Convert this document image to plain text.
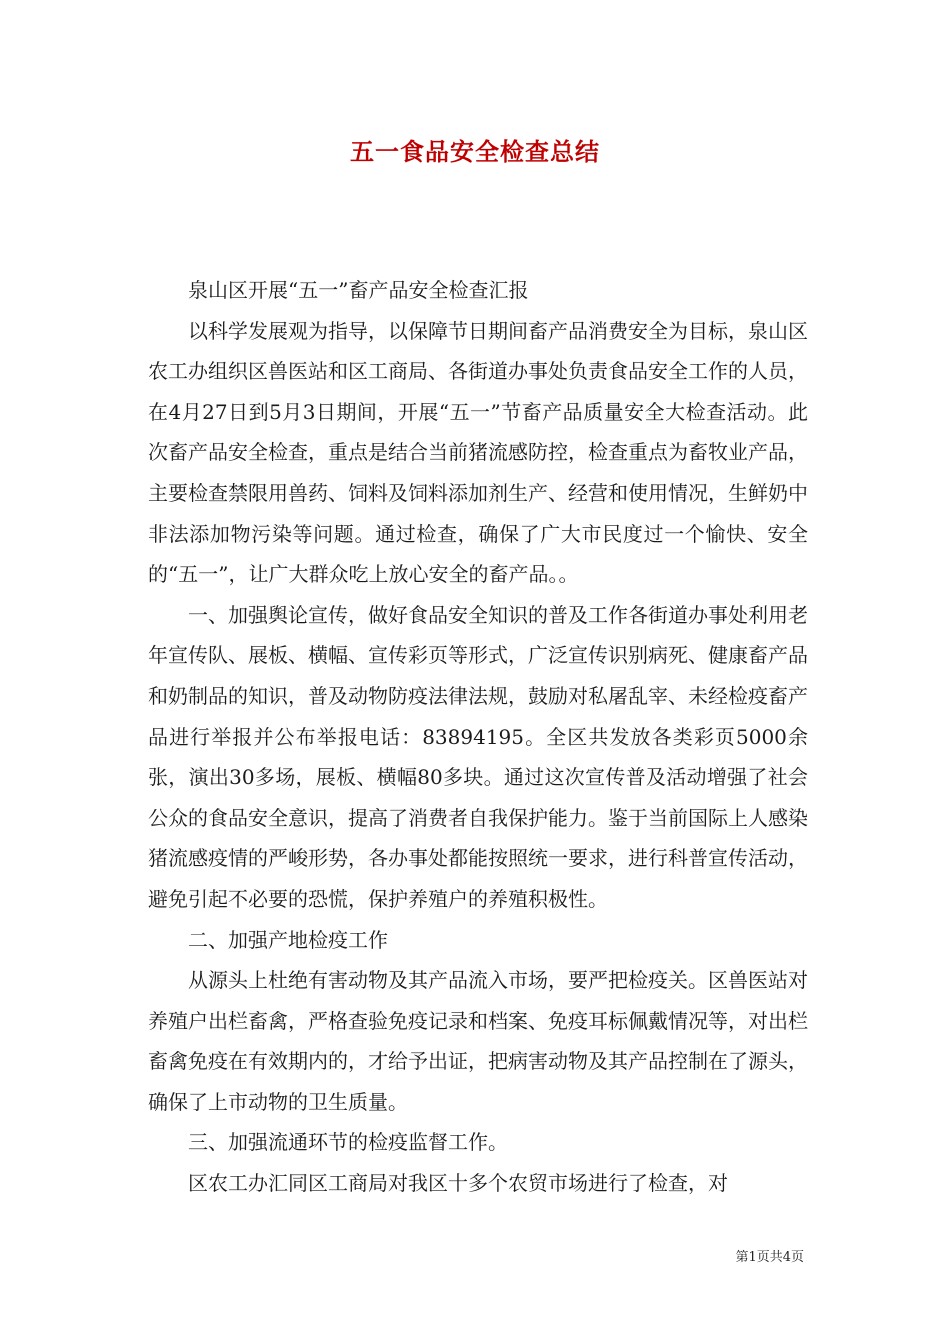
五一食品安全检查总结

泉山区开展“五一”畜产品安全检查汇报

以科学发展观为指导，以保障节日期间畜产品消费安全为目标，泉山区农工办组织区兽医站和区工商局、各街道办事处负责食品安全工作的人员，在4月27日到5月3日期间，开展“五一”节畜产品质量安全大检查活动。此次畜产品安全检查，重点是结合当前猪流感防控，检查重点为畜牧业产品，主要检查禁限用兽药、饲料及饲料添加剂生产、经营和使用情况，生鲜奶中非法添加物污染等问题。通过检查，确保了广大市民度过一个愉快、安全的“五一”，让广大群众吃上放心安全的畜产品。。

一、加强舆论宣传，做好食品安全知识的普及工作各街道办事处利用老年宣传队、展板、横幅、宣传彩页等形式，广泛宣传识别病死、健康畜产品和奶制品的知识，普及动物防疫法律法规，鼓励对私屠乱宰、未经检疫畜产品进行举报并公布举报电话：83894195。全区共发放各类彩页5000余张，演出30多场，展板、横幅80多块。通过这次宣传普及活动增强了社会公众的食品安全意识，提高了消费者自我保护能力。鉴于当前国际上人感染猪流感疫情的严峻形势，各办事处都能按照统一要求，进行科普宣传活动，避免引起不必要的恐慌，保护养殖户的养殖积极性。

二、加强产地检疫工作

从源头上杜绝有害动物及其产品流入市场，要严把检疫关。区兽医站对养殖户出栏畜禽，严格查验免疫记录和档案、免疫耳标佩戴情况等，对出栏畜禽免疫在有效期内的，才给予出证，把病害动物及其产品控制在了源头，确保了上市动物的卫生质量。

三、加强流通环节的检疫监督工作。

区农工办汇同区工商局对我区十多个农贸市场进行了检查，对

第1页共4页
